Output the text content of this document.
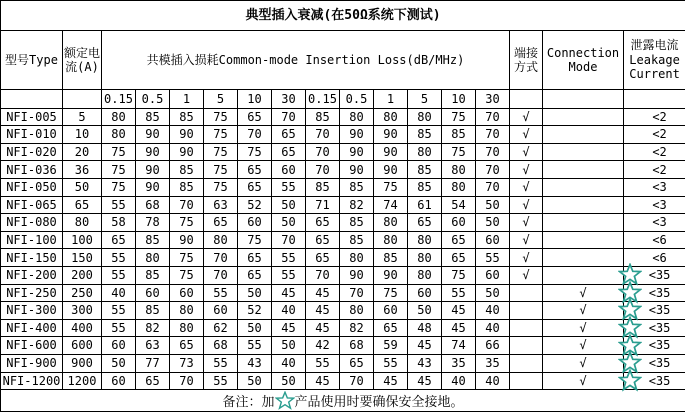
典型插入衰减(在50Ω系统下测试)																
型号Type	额定电流(A)	共模插入损耗Common-mode Insertion Loss(dB/MHz)												端接方式	Connection Mode	泄露电流Leakage Current
		0.15	0.5	1	5	10	30	0.15	0.5	1	5	10	30			
NFI-005	5	80	85	85	75	65	70	85	80	80	80	75	70	√		<2
NFI-010	10	80	90	90	75	70	65	70	90	90	85	85	70	√		<2
NFI-020	20	75	90	90	75	75	65	70	90	90	80	75	70	√		<2
NFI-036	36	75	90	85	75	65	60	70	90	90	85	80	70	√		<2
NFI-050	50	75	90	85	75	65	55	85	85	75	85	80	70	√		<3
NFI-065	65	55	68	70	63	52	50	71	82	74	61	54	50	√		<3
NFI-080	80	58	78	75	65	60	50	65	85	80	65	60	50	√		<3
NFI-100	100	65	85	90	80	75	70	65	85	80	80	65	60	√		<6
NFI-150	150	55	80	75	70	65	55	65	80	85	80	65	55	√		<6
NFI-200	200	55	85	75	70	65	55	70	90	90	80	75	60	√		<35
NFI-250	250	40	60	60	55	50	45	45	70	75	60	55	50		√	<35
NFI-300	300	55	85	80	60	52	40	45	80	60	50	45	40		√	<35
NFI-400	400	55	82	80	62	50	45	45	82	65	48	45	40		√	<35
NFI-600	600	60	63	65	68	55	50	42	68	59	45	74	66		√	<35
NFI-900	900	50	77	73	55	43	40	55	65	55	43	35	35		√	<35
NFI-1200	1200	60	65	70	55	50	50	45	70	45	45	40	40		√	<35
备注：加 产品使用时要确保安全接地。																
